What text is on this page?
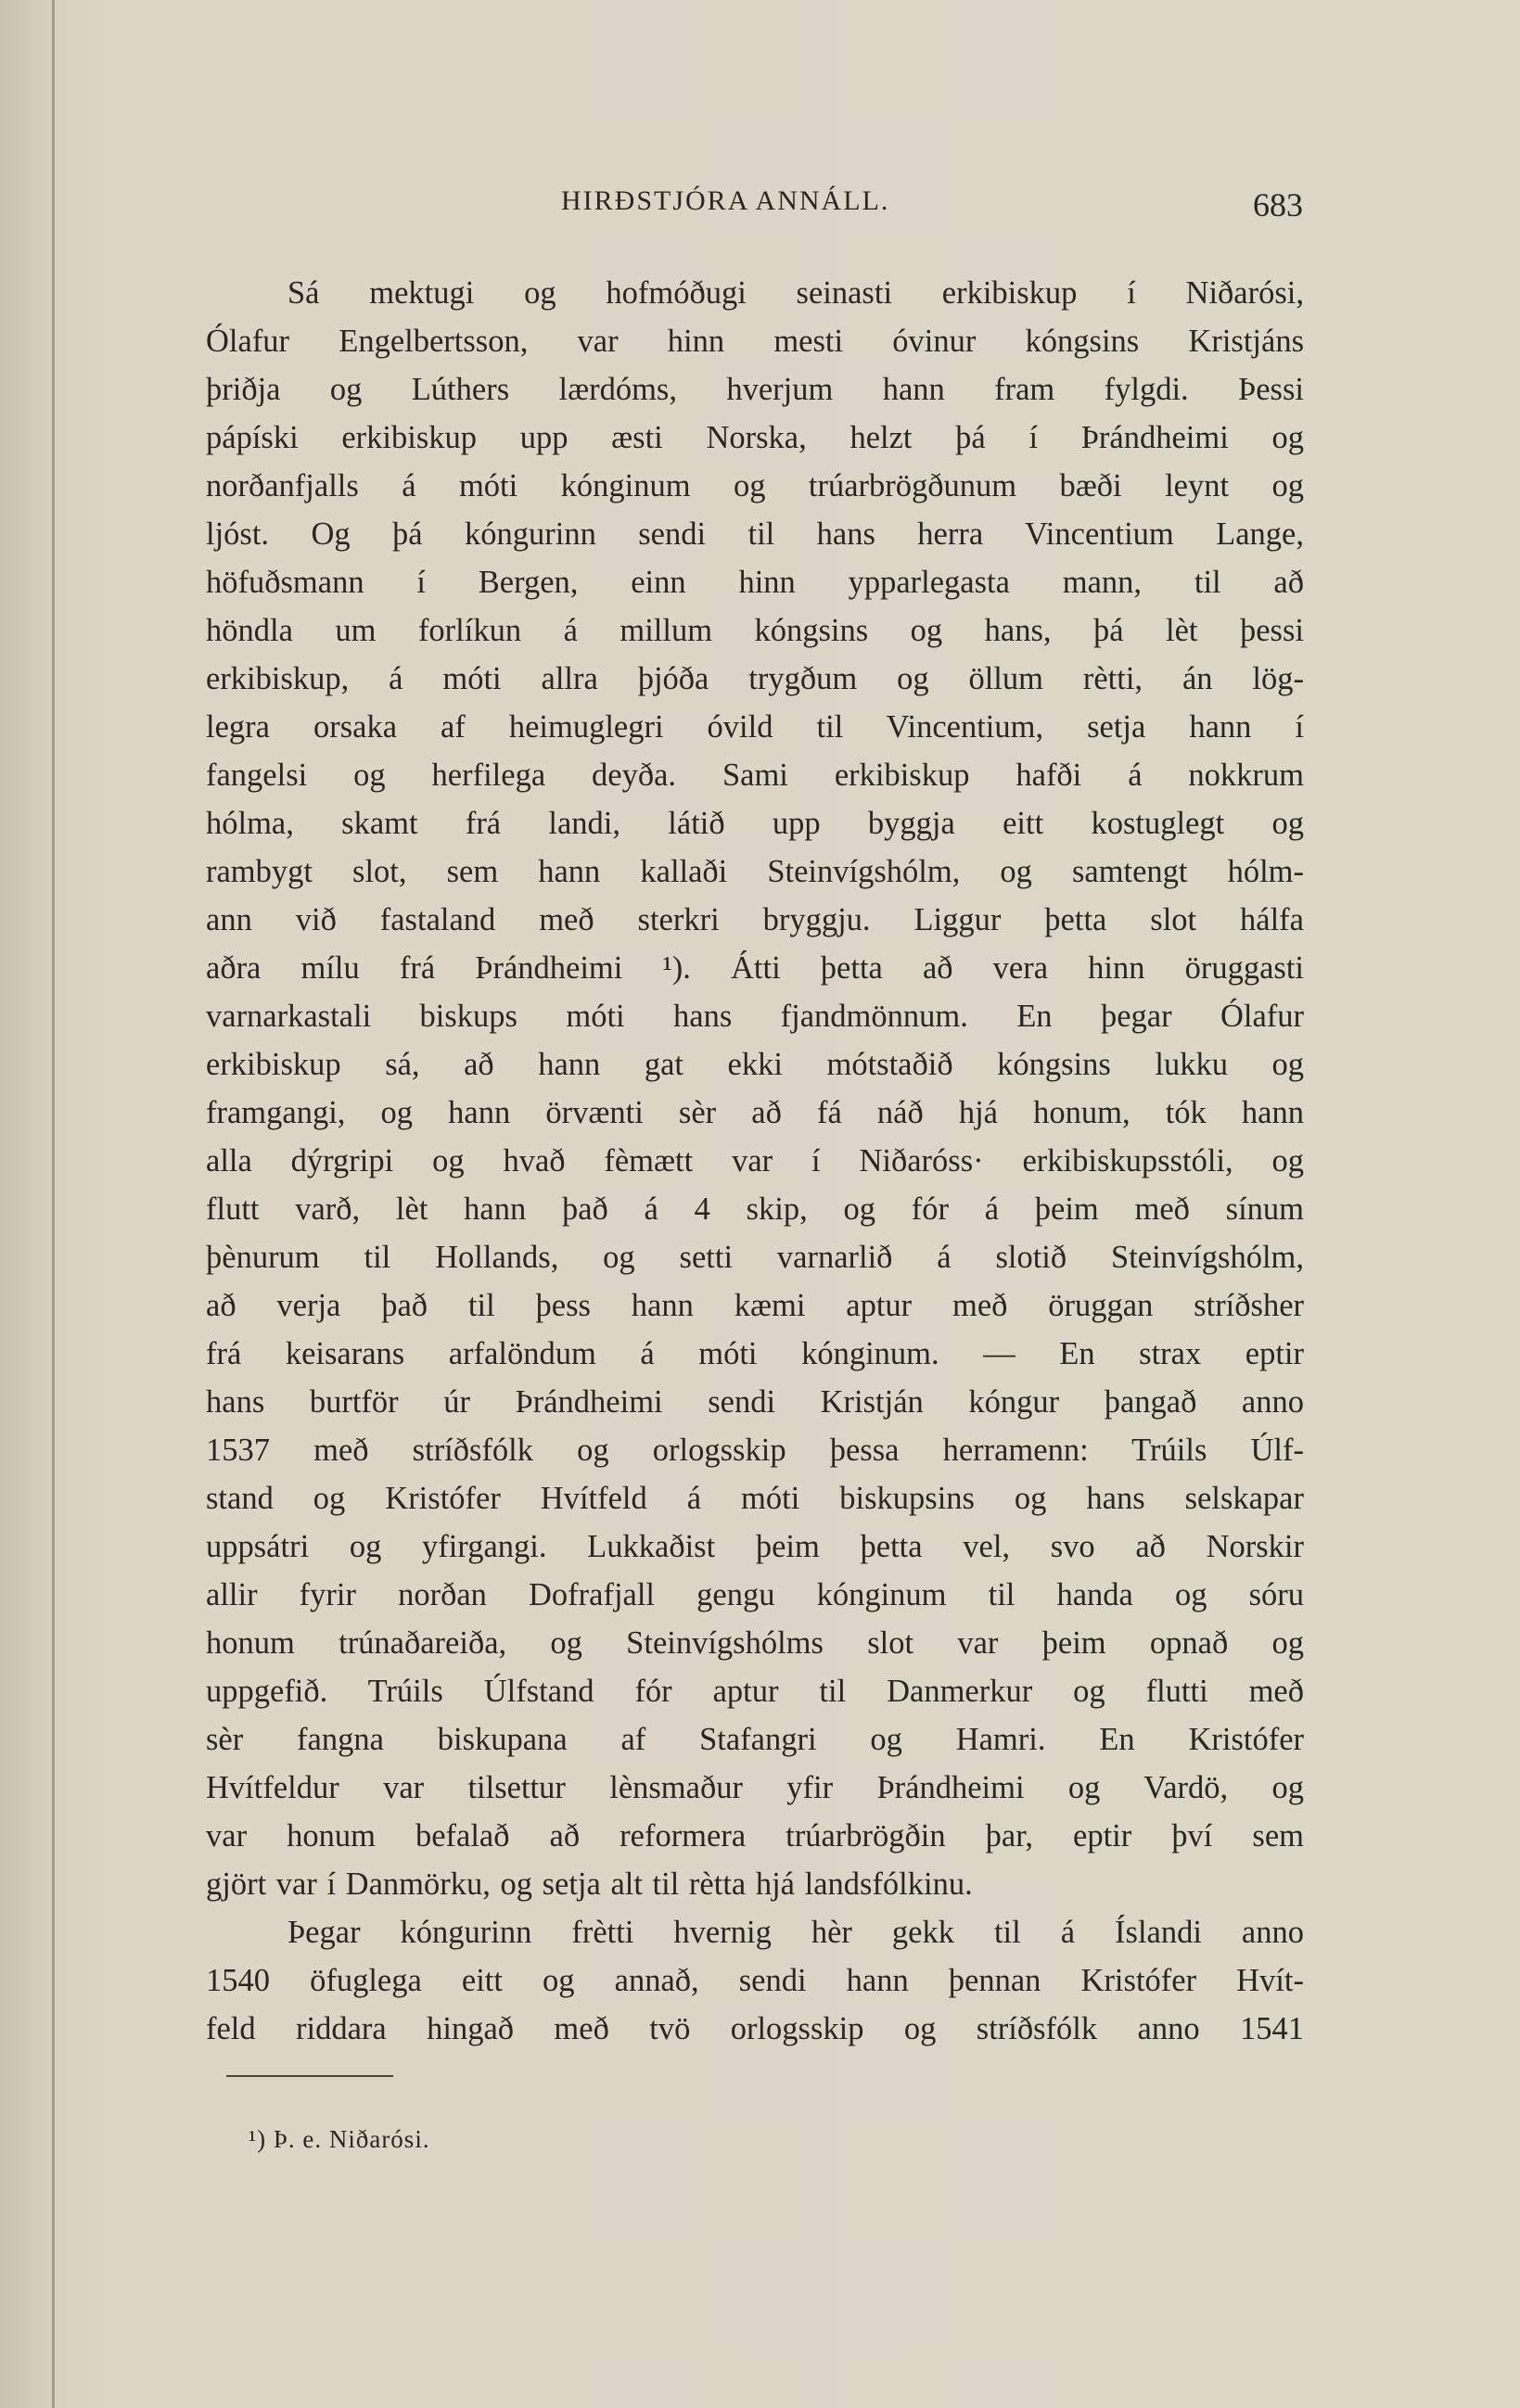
HIRÐSTJÓRA ANNÁLL.	683
Sá mektugi og hofmóðugi seinasti erkibiskup í Niðarósi,
Ólafur Engelbertsson, var hinn mesti óvinur kóngsins Kristjáns
þriðja og Lúthers lærdóms, hverjum hann fram fylgdi. Þessi
pápíski erkibiskup upp æsti Norska, helzt þá í Þrándheimi og
norðanfjalls á móti kónginum og trúarbrögðunum bæði leynt og
ljóst. Og þá kóngurinn sendi til hans herra Vincentium Lange,
höfuðsmann í Bergen, einn hinn ypparlegasta mann, til að
höndla um forlíkun á millum kóngsins og hans, þá lèt þessi
erkibiskup, á móti allra þjóða trygðum og öllum rètti, án lög-
legra orsaka af heimuglegri óvild til Vincentium, setja hann í
fangelsi og herfilega deyða. Sami erkibiskup hafði á nokkrum
hólma, skamt frá landi, látið upp byggja eitt kostuglegt og
rambygt slot, sem hann kallaði Steinvígshólm, og samtengt hólm-
ann við fastaland með sterkri bryggju. Liggur þetta slot hálfa
aðra mílu frá Þrándheimi ¹). Átti þetta að vera hinn öruggasti
varnarkastali biskups móti hans fjandmönnum. En þegar Ólafur
erkibiskup sá, að hann gat ekki mótstaðið kóngsins lukku og
framgangi, og hann örvænti sèr að fá náð hjá honum, tók hann
alla dýrgripi og hvað fèmætt var í Niðaróss· erkibiskupsstóli, og
flutt varð, lèt hann það á 4 skip, og fór á þeim með sínum
þènurum til Hollands, og setti varnarlið á slotið Steinvígshólm,
að verja það til þess hann kæmi aptur með öruggan stríðsher
frá keisarans arfalöndum á móti kónginum. — En strax eptir
hans burtför úr Þrándheimi sendi Kristján kóngur þangað anno
1537 með stríðsfólk og orlogsskip þessa herramenn: Trúils Úlf-
stand og Kristófer Hvítfeld á móti biskupsins og hans selskapar
uppsátri og yfirgangi. Lukkaðist þeim þetta vel, svo að Norskir
allir fyrir norðan Dofrafjall gengu kónginum til handa og sóru
honum trúnaðareiða, og Steinvígshólms slot var þeim opnað og
uppgefið. Trúils Úlfstand fór aptur til Danmerkur og flutti með
sèr fangna biskupana af Stafangri og Hamri. En Kristófer
Hvítfeldur var tilsettur lènsmaður yfir Þrándheimi og Vardö, og
var honum befalað að reformera trúarbrögðin þar, eptir því sem
gjört var í Danmörku, og setja alt til rètta hjá landsfólkinu.
Þegar kóngurinn frètti hvernig hèr gekk til á Íslandi anno
1540 öfuglega eitt og annað, sendi hann þennan Kristófer Hvít-
feld riddara hingað með tvö orlogsskip og stríðsfólk anno 1541
¹) Þ. e. Niðarósi.
